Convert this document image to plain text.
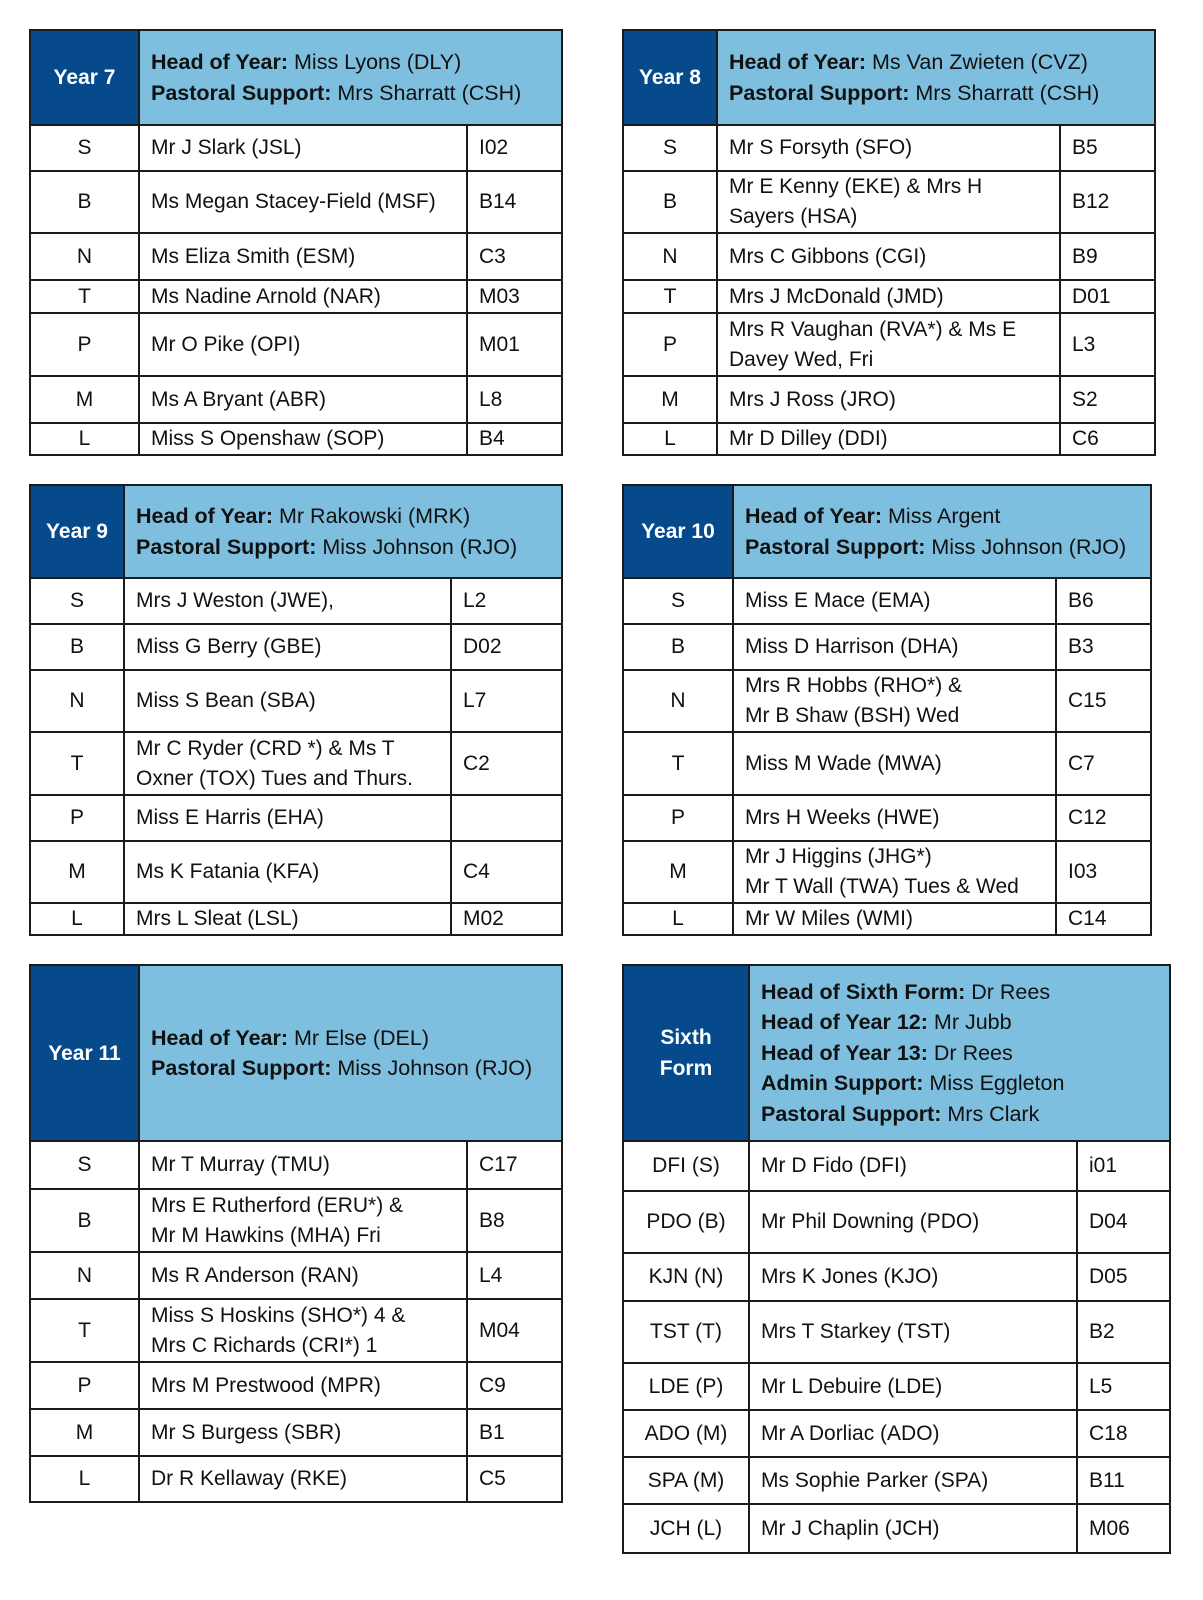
Year 7	Head of Year: Miss Lyons (DLY)
Pastoral Support: Mrs Sharratt (CSH)	

S	Mr J Slark (JSL)	I02
B	Ms Megan Stacey-Field (MSF)	B14
N	Ms Eliza Smith (ESM)	C3
T	Ms Nadine Arnold (NAR)	M03
P	Mr O Pike (OPI)	M01
M	Ms A Bryant (ABR)	L8
L	Miss S Openshaw (SOP)	B4
Year 8	Head of Year: Ms Van Zwieten (CVZ)
Pastoral Support: Mrs Sharratt (CSH)	

S	Mr S Forsyth (SFO)	B5
B	Mr E Kenny (EKE) & Mrs H
Sayers (HSA)	B12
N	Mrs C Gibbons (CGI)	B9
T	Mrs J McDonald (JMD)	D01
P	Mrs R Vaughan (RVA*) & Ms E
Davey Wed, Fri	L3
M	Mrs J Ross (JRO)	S2
L	Mr D Dilley (DDI)	C6
Year 9	Head of Year: Mr Rakowski (MRK)
Pastoral Support: Miss Johnson (RJO)	

S	Mrs J Weston (JWE),	L2
B	Miss G Berry (GBE)	D02
N	Miss S Bean (SBA)	L7
T	Mr C Ryder (CRD *) & Ms T
Oxner (TOX) Tues and Thurs.	C2
P	Miss E Harris (EHA)	
M	Ms K Fatania (KFA)	C4
L	Mrs L Sleat (LSL)	M02
Year 10	Head of Year: Miss Argent
Pastoral Support: Miss Johnson (RJO)	

S	Miss E Mace (EMA)	B6
B	Miss D Harrison (DHA)	B3
N	Mrs R Hobbs (RHO*) &
Mr B Shaw (BSH) Wed	C15
T	Miss M Wade (MWA)	C7
P	Mrs H Weeks (HWE)	C12
M	Mr J Higgins (JHG*)
Mr T Wall (TWA) Tues & Wed	I03
L	Mr W Miles (WMI)	C14
Year 11	Head of Year: Mr Else (DEL)
Pastoral Support: Miss Johnson (RJO)	

S	Mr T Murray (TMU)	C17
B	Mrs E Rutherford (ERU*) &
Mr M Hawkins (MHA) Fri	B8
N	Ms R Anderson (RAN)	L4
T	Miss S Hoskins (SHO*) 4 &
Mrs C Richards (CRI*) 1	M04
P	Mrs M Prestwood (MPR)	C9
M	Mr S Burgess (SBR)	B1
L	Dr R Kellaway (RKE)	C5
Sixth
Form	Head of Sixth Form: Dr Rees
Head of Year 12: Mr Jubb
Head of Year 13: Dr Rees
Admin Support: Miss Eggleton
Pastoral Support: Mrs Clark	

DFI (S)	Mr D Fido (DFI)	i01
PDO (B)	Mr Phil Downing (PDO)	D04
KJN (N)	Mrs K Jones (KJO)	D05
TST (T)	Mrs T Starkey (TST)	B2
LDE (P)	Mr L Debuire (LDE)	L5
ADO (M)	Mr A Dorliac (ADO)	C18
SPA (M)	Ms Sophie Parker (SPA)	B11
JCH (L)	Mr J Chaplin (JCH)	M06
